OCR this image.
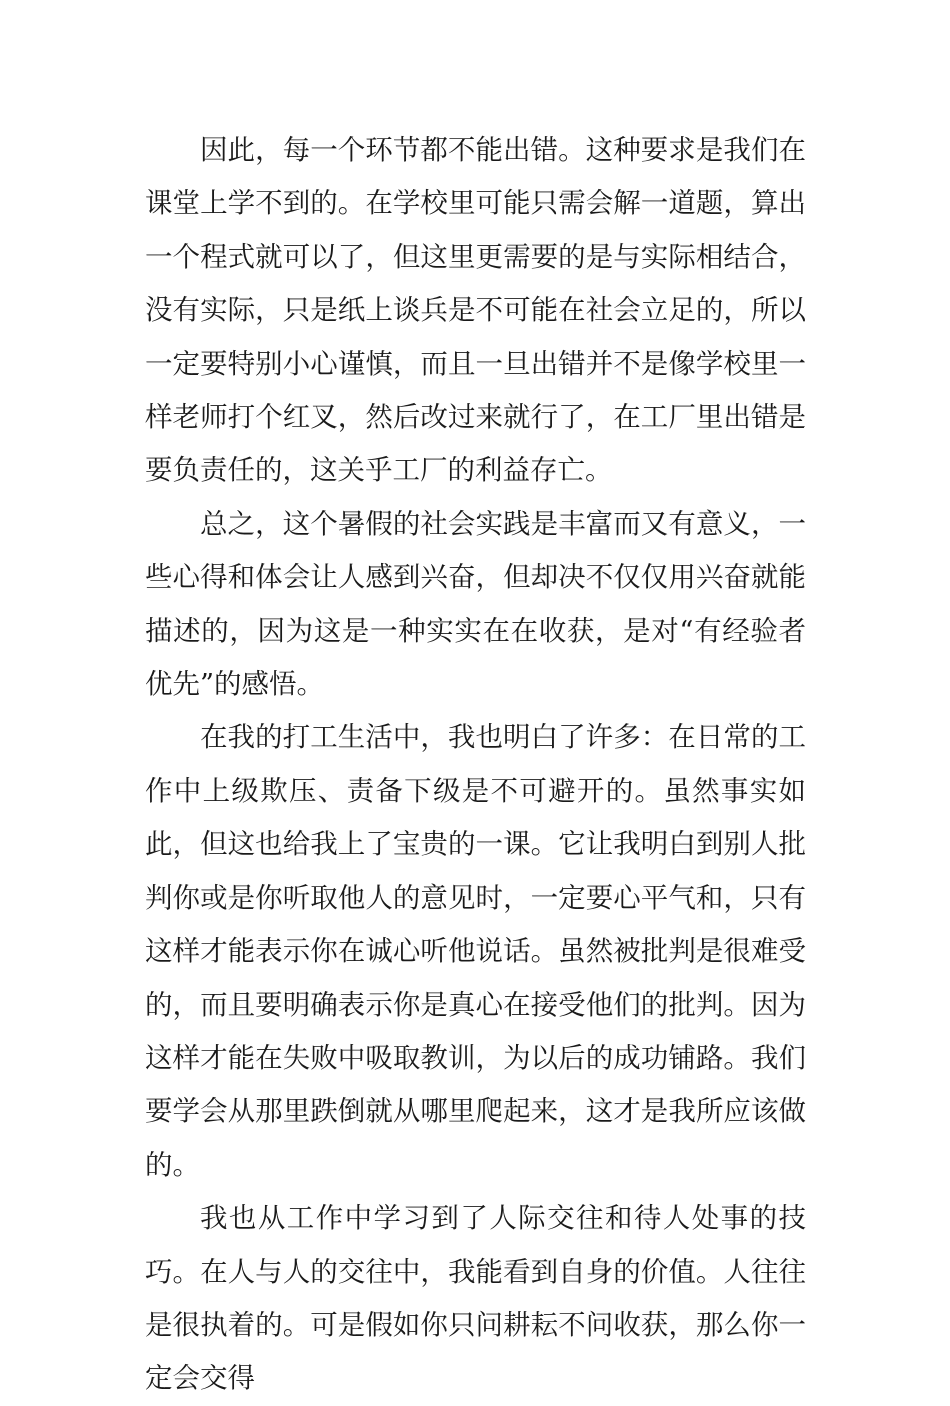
因此，每一个环节都不能出错。这种要求是我们在课堂上学不到的。在学校里可能只需会解一道题，算出一个程式就可以了，但这里更需要的是与实际相结合，没有实际，只是纸上谈兵是不可能在社会立足的，所以一定要特别小心谨慎，而且一旦出错并不是像学校里一样老师打个红叉，然后改过来就行了，在工厂里出错是要负责任的，这关乎工厂的利益存亡。

总之，这个暑假的社会实践是丰富而又有意义，一些心得和体会让人感到兴奋，但却决不仅仅用兴奋就能描述的，因为这是一种实实在在收获，是对“有经验者优先”的感悟。

在我的打工生活中，我也明白了许多：在日常的工作中上级欺压、责备下级是不可避开的。虽然事实如此，但这也给我上了宝贵的一课。它让我明白到别人批判你或是你听取他人的意见时，一定要心平气和，只有这样才能表示你在诚心听他说话。虽然被批判是很难受的，而且要明确表示你是真心在接受他们的批判。因为这样才能在失败中吸取教训，为以后的成功铺路。我们要学会从那里跌倒就从哪里爬起来，这才是我所应该做的。

我也从工作中学习到了人际交往和待人处事的技巧。在人与人的交往中，我能看到自身的价值。人往往是很执着的。可是假如你只问耕耘不问收获，那么你一定会交得
